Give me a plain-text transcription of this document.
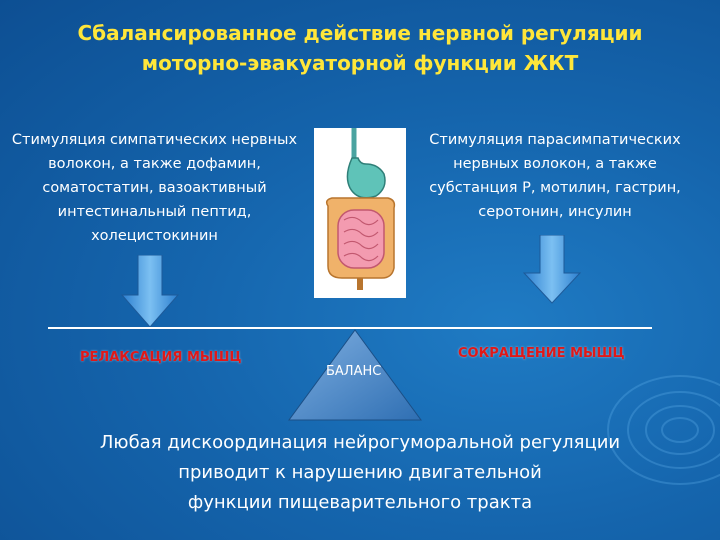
Сбалансированное действие нервной регуляции
моторно-эвакуаторной функции ЖКТ
Стимуляция симпатических нервных
волокон, а также дофамин,
соматостатин, вазоактивный
интестинальный пептид,
холецистокинин
Стимуляция парасимпатических
нервных волокон, а также
субстанция Р, мотилин, гастрин,
серотонин, инсулин
РЕЛАКСАЦИЯ МЫШЦ
БАЛАНС
СОКРАЩЕНИЕ МЫШЦ
Любая дискоординация нейрогуморальной регуляции
приводит к нарушению двигательной
функции пищеварительного тракта
